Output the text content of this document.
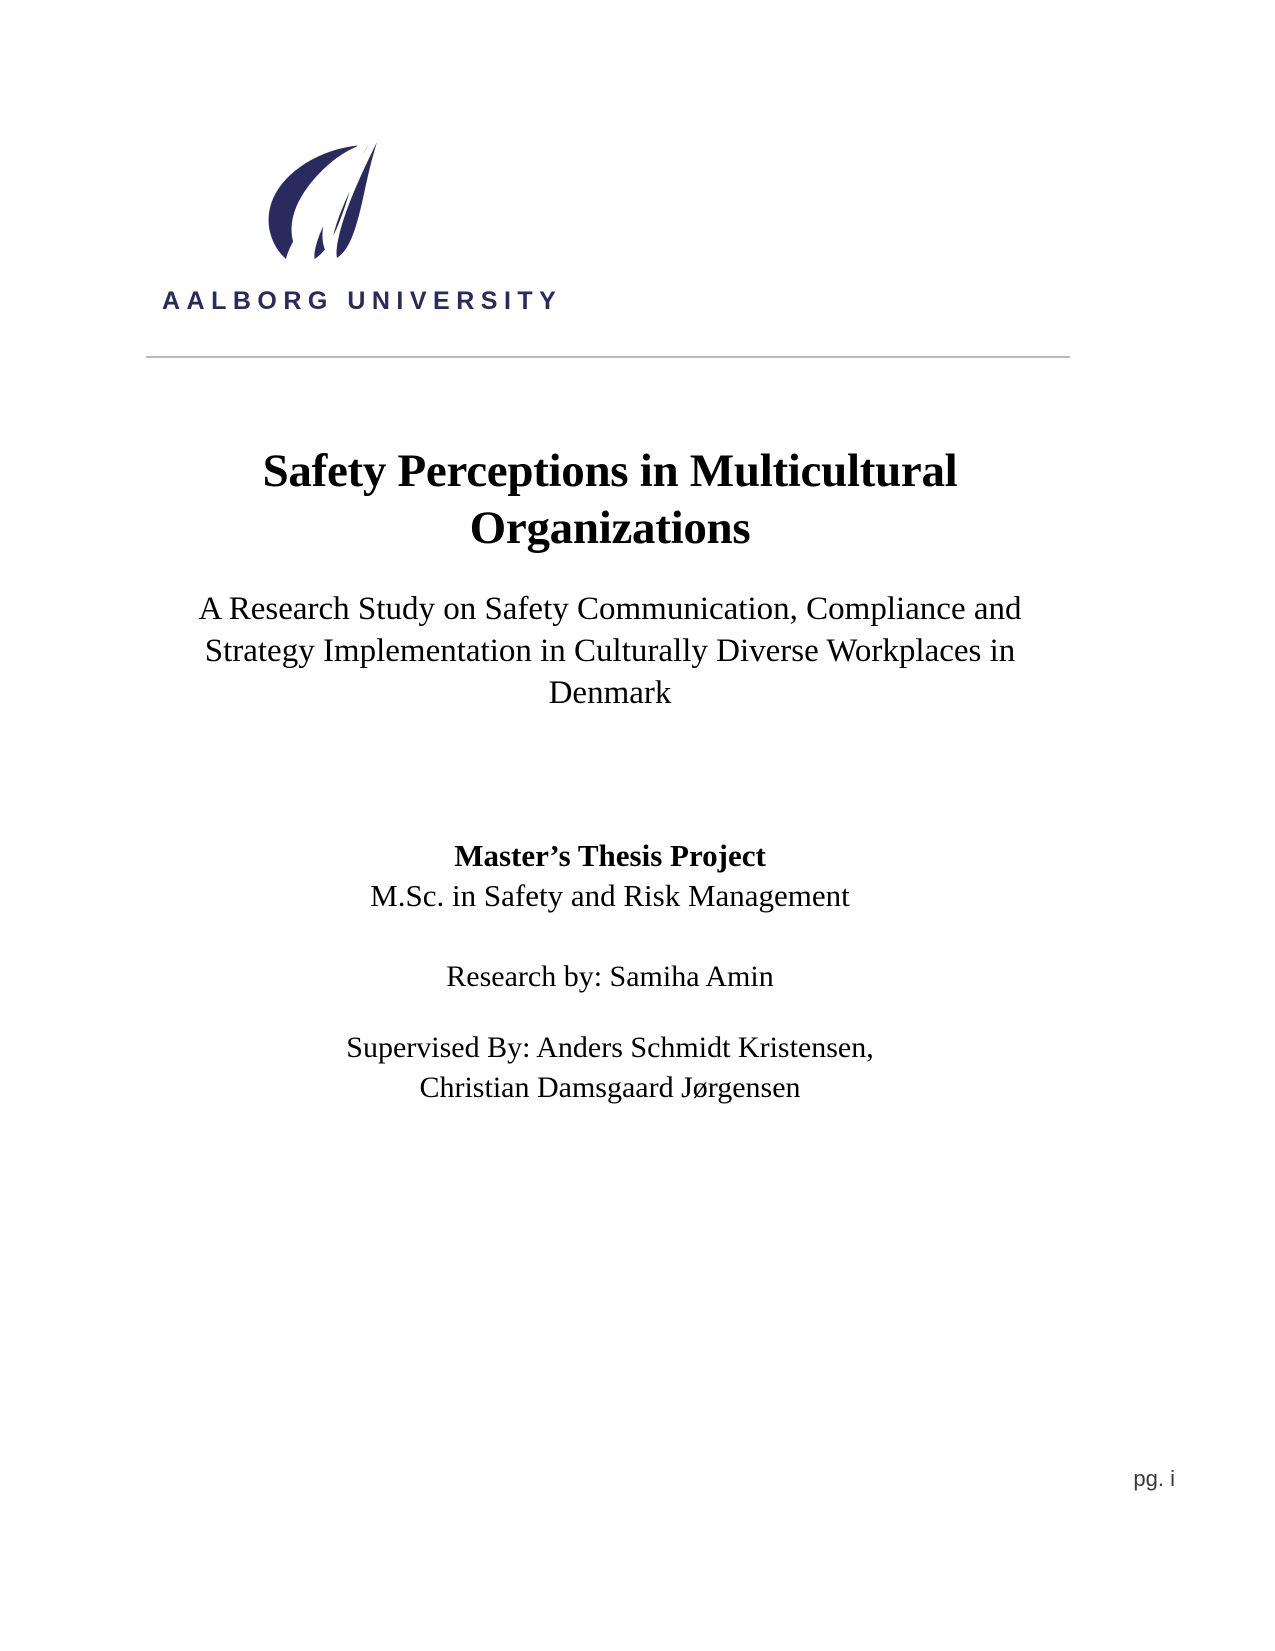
AALBORG UNIVERSITY
Safety Perceptions in Multicultural
Organizations
A Research Study on Safety Communication, Compliance and
Strategy Implementation in Culturally Diverse Workplaces in
Denmark
Master’s Thesis Project
M.Sc. in Safety and Risk Management
Research by: Samiha Amin
Supervised By: Anders Schmidt Kristensen,
Christian Damsgaard Jørgensen
pg. i
